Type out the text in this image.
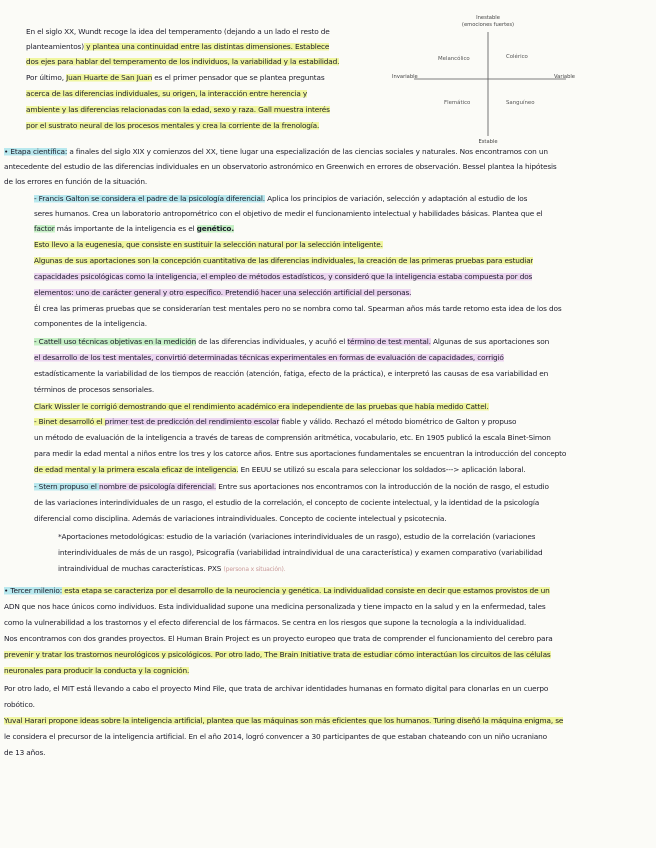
Inestable
(emociones fuertes)
Invariable	Variable
Estable
Melancólico	Colérico
Flemático	Sanguíneo
En el siglo XX, Wundt recoge la idea del temperamento (dejando a un lado el resto de
planteamientos) y plantea una continuidad entre las distintas dimensiones. Establece
dos ejes para hablar del temperamento de los individuos, la variabilidad y la estabilidad.
Por último, Juan Huarte de San Juan es el primer pensador que se plantea preguntas
acerca de las diferencias individuales, su origen, la interacción entre herencia y
ambiente y las diferencias relacionadas con la edad, sexo y raza. Gall muestra interés
por el sustrato neural de los procesos mentales y crea la corriente de la frenología.
• Etapa científica: a finales del siglo XIX y comienzos del XX, tiene lugar una especialización de las ciencias sociales y naturales. Nos encontramos con un
antecedente del estudio de las diferencias individuales en un observatorio astronómico en Greenwich en errores de observación. Bessel plantea la hipótesis
de los errores en función de la situación.
- Francis Galton se considera el padre de la psicología diferencial. Aplica los principios de variación, selección y adaptación al estudio de los
seres humanos. Crea un laboratorio antropométrico con el objetivo de medir el funcionamiento intelectual y habilidades básicas. Plantea que el
factor más importante de la inteligencia es el genético.
Esto llevo a la eugenesia, que consiste en sustituir la selección natural por la selección inteligente.
Algunas de sus aportaciones son la concepción cuantitativa de las diferencias individuales, la creación de las primeras pruebas para estudiar
capacidades psicológicas como la inteligencia, el empleo de métodos estadísticos, y consideró que la inteligencia estaba compuesta por dos
elementos: uno de carácter general y otro específico. Pretendió hacer una selección artificial del personas.
Él crea las primeras pruebas que se considerarían test mentales pero no se nombra como tal. Spearman años más tarde retomo esta idea de los dos
componentes de la inteligencia.
- Cattell uso técnicas objetivas en la medición de las diferencias individuales, y acuñó el término de test mental. Algunas de sus aportaciones son
el desarrollo de los test mentales, convirtió determinadas técnicas experimentales en formas de evaluación de capacidades, corrigió
estadísticamente la variabilidad de los tiempos de reacción (atención, fatiga, efecto de la práctica), e interpretó las causas de esa variabilidad en
términos de procesos sensoriales.
Clark Wissler le corrigió demostrando que el rendimiento académico era independiente de las pruebas que había medido Cattel.
- Binet desarrolló el primer test de predicción del rendimiento escolar fiable y válido. Rechazó el método biométrico de Galton y propuso
un método de evaluación de la inteligencia a través de tareas de comprensión aritmética, vocabulario, etc. En 1905 publicó la escala Binet-Simon
para medir la edad mental a niños entre los tres y los catorce años. Entre sus aportaciones fundamentales se encuentran la introducción del concepto
de edad mental y la primera escala eficaz de inteligencia. En EEUU se utilizó su escala para seleccionar los soldados---> aplicación laboral.
- Stern propuso el nombre de psicología diferencial. Entre sus aportaciones nos encontramos con la introducción de la noción de rasgo, el estudio
de las variaciones interindividuales de un rasgo, el estudio de la correlación, el concepto de cociente intelectual, y la identidad de la psicología
diferencial como disciplina. Además de variaciones intraindividuales. Concepto de cociente intelectual y psicotecnia.
*Aportaciones metodológicas: estudio de la variación (variaciones interindividuales de un rasgo), estudio de la correlación (variaciones
interindividuales de más de un rasgo), Psicografía (variabilidad intraindividual de una característica) y examen comparativo (variabilidad
intraindividual de muchas características. PXS (persona x situación).
• Tercer milenio: esta etapa se caracteriza por el desarrollo de la neurociencia y genética. La individualidad consiste en decir que estamos provistos de un
ADN que nos hace únicos como individuos. Esta individualidad supone una medicina personalizada y tiene impacto en la salud y en la enfermedad, tales
como la vulnerabilidad a los trastornos y el efecto diferencial de los fármacos. Se centra en los riesgos que supone la tecnología a la individualidad.
Nos encontramos con dos grandes proyectos. El Human Brain Project es un proyecto europeo que trata de comprender el funcionamiento del cerebro para
prevenir y tratar los trastornos neurológicos y psicológicos. Por otro lado, The Brain Initiative trata de estudiar cómo interactúan los circuitos de las células
neuronales para producir la conducta y la cognición.
Por otro lado, el MIT está llevando a cabo el proyecto Mind File, que trata de archivar identidades humanas en formato digital para clonarlas en un cuerpo
robótico.
Yuval Harari propone ideas sobre la inteligencia artificial, plantea que las máquinas son más eficientes que los humanos. Turing diseñó la máquina enigma, se
le considera el precursor de la inteligencia artificial. En el año 2014, logró convencer a 30 participantes de que estaban chateando con un niño ucraniano
de 13 años.
